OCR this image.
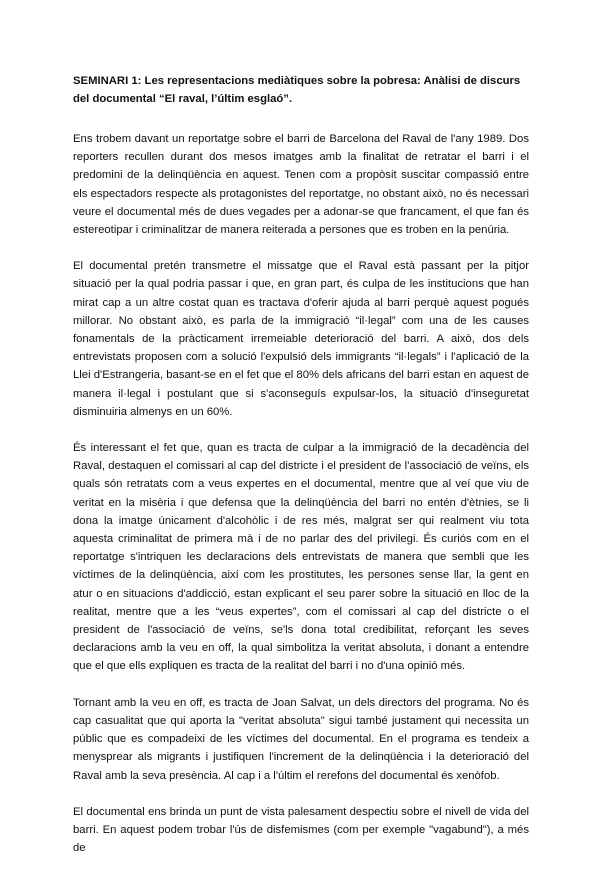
SEMINARI 1: Les representacions mediàtiques sobre la pobresa: Anàlisi de discurs del documental “El raval, l’últim esglaó”.

Ens trobem davant un reportatge sobre el barri de Barcelona del Raval de l'any 1989. Dos reporters recullen durant dos mesos imatges amb la finalitat de retratar el barri i el predomini de la delinqüència en aquest. Tenen com a propòsit suscitar compassió entre els espectadors respecte als protagonistes del reportatge, no obstant això, no és necessari veure el documental més de dues vegades per a adonar-se que francament, el que fan és estereotipar i criminalitzar de manera reiterada a persones que es troben en la penúria.

El documental pretén transmetre el missatge que el Raval està passant per la pitjor situació per la qual podria passar i que, en gran part, és culpa de les institucions que han mirat cap a un altre costat quan es tractava d'oferir ajuda al barri perquè aquest pogués millorar. No obstant això, es parla de la immigració “il·legal” com una de les causes fonamentals de la pràcticament irremeiable deterioració del barri. A això, dos dels entrevistats proposen com a solució l'expulsió dels immigrants “il·legals” i l'aplicació de la Llei d'Estrangeria, basant-se en el fet que el 80% dels africans del barri estan en aquest de manera il·legal i postulant que si s'aconseguís expulsar-los, la situació d'inseguretat disminuiria almenys en un 60%.

És interessant el fet que, quan es tracta de culpar a la immigració de la decadència del Raval, destaquen el comissari al cap del districte i el president de l'associació de veïns, els quals són retratats com a veus expertes en el documental, mentre que al veí que viu de veritat en la misèria i que defensa que la delinqüència del barri no entén d'ètnies, se li dona la imatge únicament d'alcohòlic i de res més, malgrat ser qui realment viu tota aquesta criminalitat de primera mà i de no parlar des del privilegi. És curiós com en el reportatge s'intriquen les declaracions dels entrevistats de manera que sembli que les víctimes de la delinqüència, així com les prostitutes, les persones sense llar, la gent en atur o en situacions d'addicció, estan explicant el seu parer sobre la situació en lloc de la realitat, mentre que a les “veus expertes”, com el comissari al cap del districte o el president de l'associació de veïns, se'ls dona total credibilitat, reforçant les seves declaracions amb la veu en off, la qual simbolitza la veritat absoluta, i donant a entendre que el que ells expliquen es tracta de la realitat del barri i no d'una opinió més.

Tornant amb la veu en off, es tracta de Joan Salvat, un dels directors del programa. No és cap casualitat que qui aporta la "veritat absoluta" sigui també justament qui necessita un públic que es compadeixi de les víctimes del documental. En el programa es tendeix a menysprear als migrants i justifiquen l'increment de la delinqüència i la deterioració del Raval amb la seva presència. Al cap i a l'últim el rerefons del documental és xenòfob.

El documental ens brinda un punt de vista palesament despectiu sobre el nivell de vida del barri. En aquest podem trobar l'ús de disfemismes (com per exemple "vagabund"), a més de
